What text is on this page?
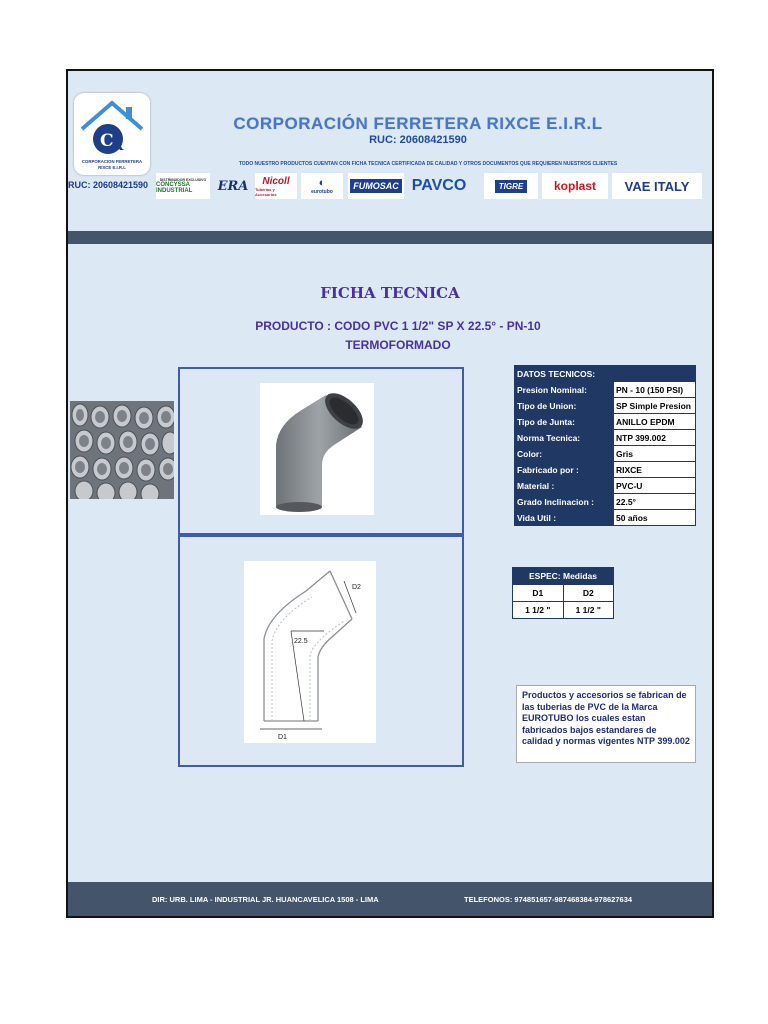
C
R
CORPORACION FERRETERA
RIXCE E.I.R.L
RUC: 20608421590
CORPORACIÓN FERRETERA RIXCE E.I.R.L
RUC: 20608421590
TODO NUESTRO PRODUCTOS CUENTAN CON FICHA TECNICA CERTIFICADA DE CALIDAD Y OTROS DOCUMENTOS QUE REQUIEREN NUESTROS CLIENTES
DISTRIBUIDOR EXCLUSIVO
CONCYSSA INDUSTRIAL	ERA	Nicoll
Tuberías y Accesorios
◐
eurotubo
FUMOSAC PAVCO	TIGRE	koplast	VAE ITALY
FICHA TECNICA
PRODUCTO : CODO PVC 1 1/2" SP X 22.5° - PN-10
TERMOFORMADO
22.5
D1
D2
DATOS TECNICOS:	
Presion Nominal:	PN - 10 (150 PSI)
Tipo de Union:	SP Simple Presion
Tipo de Junta:	ANILLO EPDM
Norma Tecnica:	NTP 399.002
Color:	Gris
Fabricado por :	RIXCE
Material :	PVC-U
Grado Inclinacion :	22.5°
Vida Util :	50 años
ESPEC: Medidas	
D1	D2
1 1/2 "	1 1/2 "
Productos y accesorios se fabrican de las tuberias de PVC de la Marca EUROTUBO los cuales estan fabricados bajos estandares de calidad y normas vigentes NTP 399.002
DIR: URB. LIMA - INDUSTRIAL JR. HUANCAVELICA 1508 - LIMA	TELEFONOS: 974851657-987468384-978627634
